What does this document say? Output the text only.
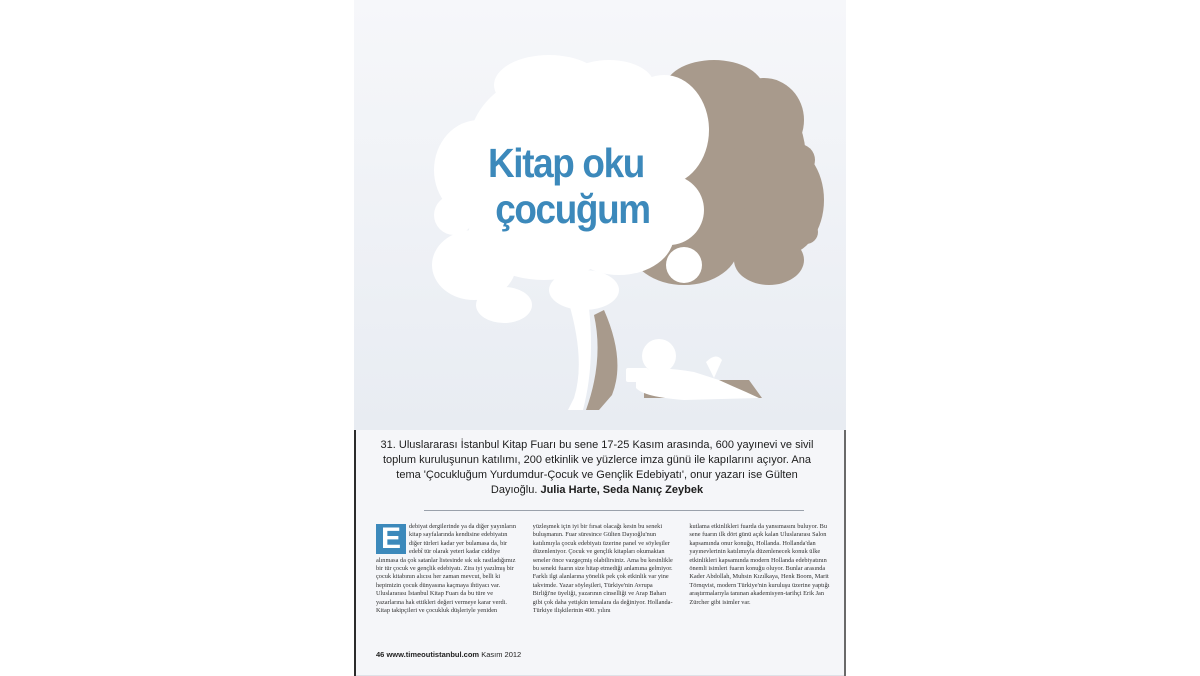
Kitap oku
çocuğum

31. Uluslararası İstanbul Kitap Fuarı bu sene 17-25 Kasım arasında, 600 yayınevi ve sivil toplum kuruluşunun katılımı, 200 etkinlik ve yüzlerce imza günü ile kapılarını açıyor. Ana tema 'Çocukluğum Yurdumdur-Çocuk ve Gençlik Edebiyatı', onur yazarı ise Gülten Dayıoğlu. Julia Harte, Seda Nanıç Zeybek

E	debiyat dergilerinde ya da diğer yayınların kitap sayfalarında kendisine edebiyatın diğer türleri kadar yer bulamasa da, bir edebî tür olarak yeteri kadar ciddiye alınmasa da çok satanlar listesinde sık sık rastladığımız bir tür çocuk ve gençlik edebiyatı. Zira iyi yazılmış bir çocuk kitabının alıcısı her zaman mevcut, belli ki hepimizin çocuk dünyasına kaçmaya ihtiyacı var. Uluslararası İstanbul Kitap Fuarı da bu türe ve yazarlarına hak ettikleri değeri vermeye karar verdi. Kitap takipçileri ve çocukluk düşleriyle yeniden

yüzleşmek için iyi bir fırsat olacağı kesin bu seneki buluşmanın. Fuar süresince Gülten Dayıoğlu'nun katılımıyla çocuk edebiyatı üzerine panel ve söyleşiler düzenleniyor. Çocuk ve gençlik kitapları okumaktan seneler önce vazgeçmiş olabilirsiniz. Ama bu kesinlikle bu seneki fuarın size hitap etmediği anlamına gelmiyor. Farklı ilgi alanlarına yönelik pek çok etkinlik var yine takvimde. Yazar söyleşileri, Türkiye'nin Avrupa Birliği'ne üyeliği, yazarının cinselliği ve Arap Baharı gibi çok daha yetişkin temalara da değiniyor. Hollanda-Türkiye ilişkilerinin 400. yılını

kutlama etkinlikleri fuarda da yansımasını buluyor. Bu sene fuarın ilk dört günü açık kalan Uluslararası Salon kapsamında onur konuğu, Hollanda. Hollanda'dan yayınevlerinin katılımıyla düzenlenecek konuk ülke etkinlikleri kapsamında modern Hollanda edebiyatının önemli isimleri fuarın konuğu oluyor. Bunlar arasında Kader Abdollah, Muhsin Kızılkaya, Henk Boom, Marit Törnqvist, modern Türkiye'nin kuruluşu üzerine yaptığı araştırmalarıyla tanınan akademisyen-tarihçi Erik Jan Zürcher gibi isimler var.

46 www.timeoutistanbul.com Kasım 2012
